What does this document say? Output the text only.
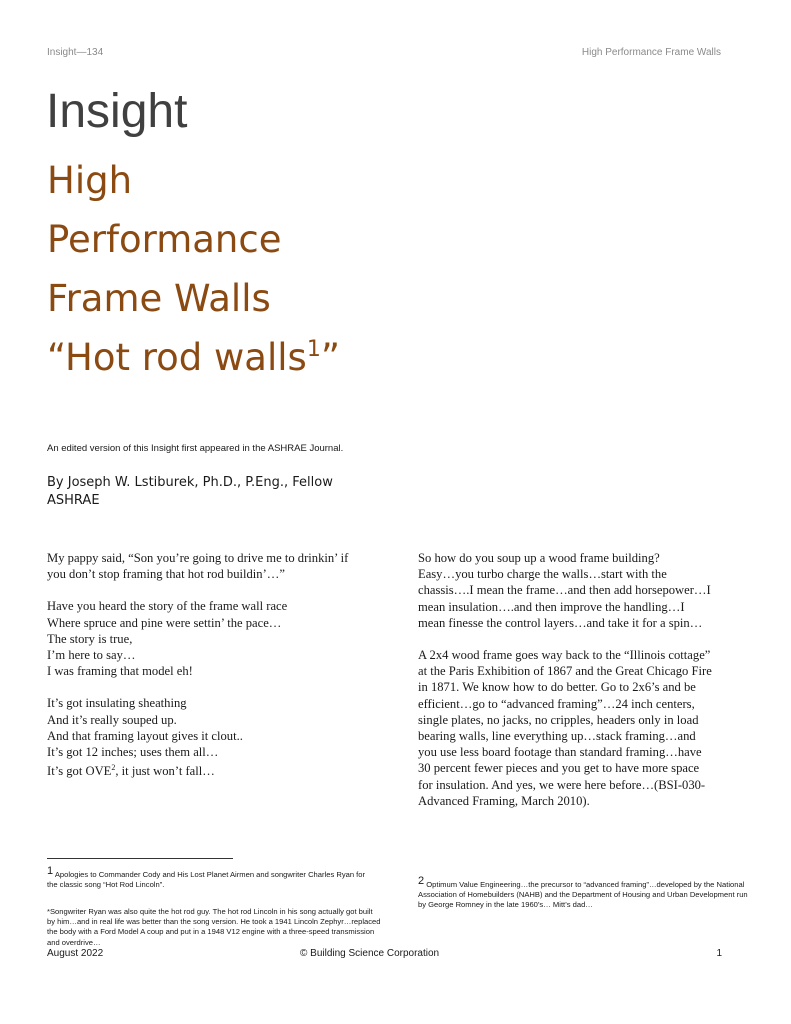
Insight—134	High Performance Frame Walls
Insight
High
Performance
Frame Walls
“Hot rod walls$^1$”
An edited version of this Insight first appeared in the ASHRAE Journal.
By Joseph W. Lstiburek, Ph.D., P.Eng., Fellow ASHRAE

My pappy said, “Son you’re going to drive me to drinkin’ if
you don’t stop framing that hot rod buildin’…”

Have you heard the story of the frame wall race
Where spruce and pine were settin’ the pace…
The story is true,
I’m here to say…
I was framing that model eh!

It’s got insulating sheathing
And it’s really souped up.
And that framing layout gives it clout..
It’s got 12 inches; uses them all…
It’s got OVE$^2$, it just won’t fall…

So how do you soup up a wood frame building?
Easy…you turbo charge the walls…start with the
chassis….I mean the frame…and then add horsepower…I
mean insulation….and then improve the handling…I
mean finesse the control layers…and take it for a spin…

A 2x4 wood frame goes way back to the “Illinois cottage”
at the Paris Exhibition of 1867 and the Great Chicago Fire
in 1871. We know how to do better. Go to 2x6’s and be
efficient…go to “advanced framing”…24 inch centers,
single plates, no jacks, no cripples, headers only in load
bearing walls, line everything up…stack framing…and
you use less board footage than standard framing…have
30 percent fewer pieces and you get to have more space
for insulation. And yes, we were here before…(BSI-030-
Advanced Framing, March 2010).

$^1$ Apologies to Commander Cody and His Lost Planet Airmen and songwriter Charles Ryan for the classic song “Hot Rod Lincoln”.
*Songwriter Ryan was also quite the hot rod guy. The hot rod Lincoln in his song actually got built by him…and in real life was better than the song version. He took a 1941 Lincoln Zephyr…replaced the body with a Ford Model A coup and put in a 1948 V12 engine with a three-speed transmission and overdrive…
$^2$ Optimum Value Engineering…the precursor to “advanced framing”…developed by the National Association of Homebuilders (NAHB) and the Department of Housing and Urban Development run by George Romney in the late 1960’s… Mitt’s dad…
August 2022	© Building Science Corporation	1
